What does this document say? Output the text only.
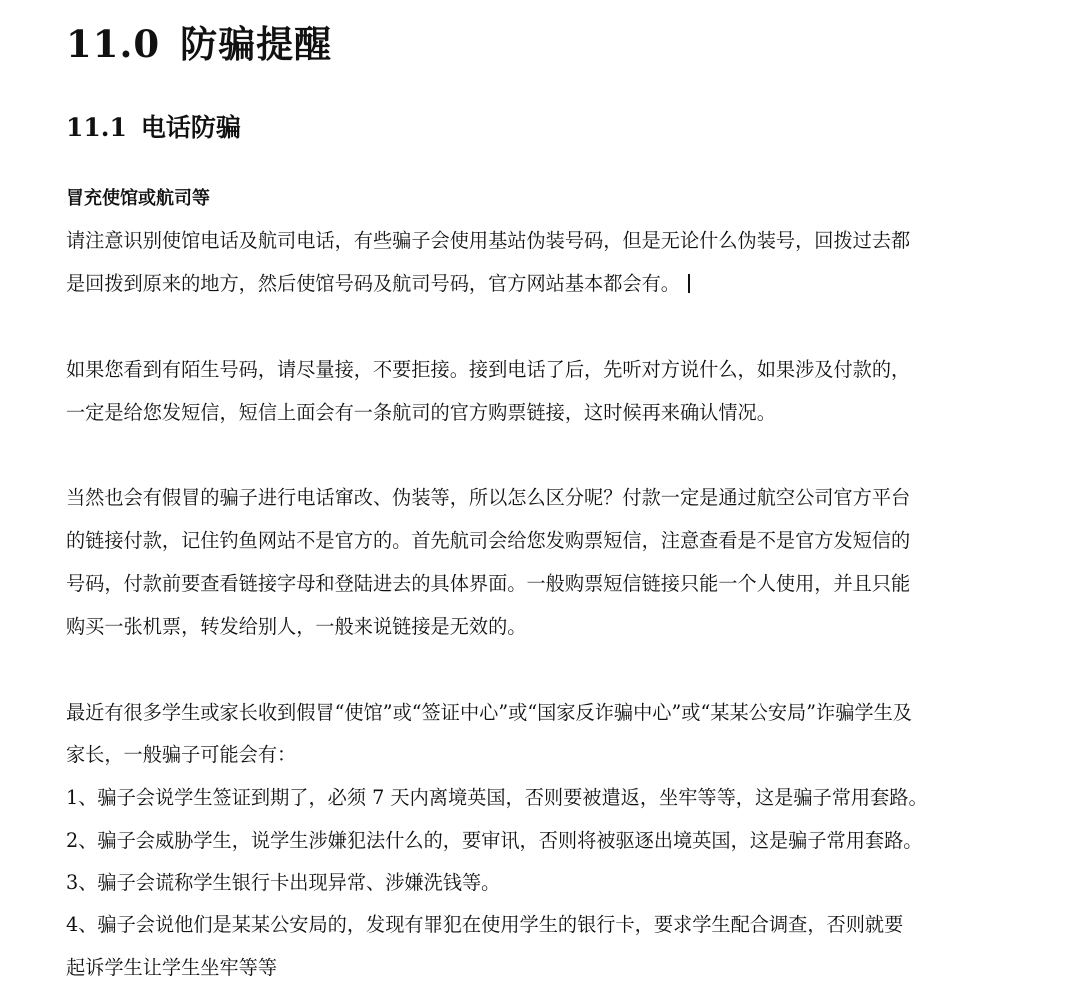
11.0 防骗提醒
11.1 电话防骗
冒充使馆或航司等

请注意识别使馆电话及航司电话，有些骗子会使用基站伪装号码，但是无论什么伪装号，回拨过去都

是回拨到原来的地方，然后使馆号码及航司号码，官方网站基本都会有。

如果您看到有陌生号码，请尽量接，不要拒接。接到电话了后，先听对方说什么，如果涉及付款的，

一定是给您发短信，短信上面会有一条航司的官方购票链接，这时候再来确认情况。

当然也会有假冒的骗子进行电话窜改、伪装等，所以怎么区分呢？付款一定是通过航空公司官方平台

的链接付款，记住钓鱼网站不是官方的。首先航司会给您发购票短信，注意查看是不是官方发短信的

号码，付款前要查看链接字母和登陆进去的具体界面。一般购票短信链接只能一个人使用，并且只能

购买一张机票，转发给别人，一般来说链接是无效的。

最近有很多学生或家长收到假冒“使馆”或“签证中心”或“国家反诈骗中心”或“某某公安局”诈骗学生及

家长，一般骗子可能会有：

1、骗子会说学生签证到期了，必须 7 天内离境英国，否则要被遣返，坐牢等等，这是骗子常用套路。

2、骗子会威胁学生，说学生涉嫌犯法什么的，要审讯，否则将被驱逐出境英国，这是骗子常用套路。

3、骗子会谎称学生银行卡出现异常、涉嫌洗钱等。

4、骗子会说他们是某某公安局的，发现有罪犯在使用学生的银行卡，要求学生配合调查，否则就要

起诉学生让学生坐牢等等
